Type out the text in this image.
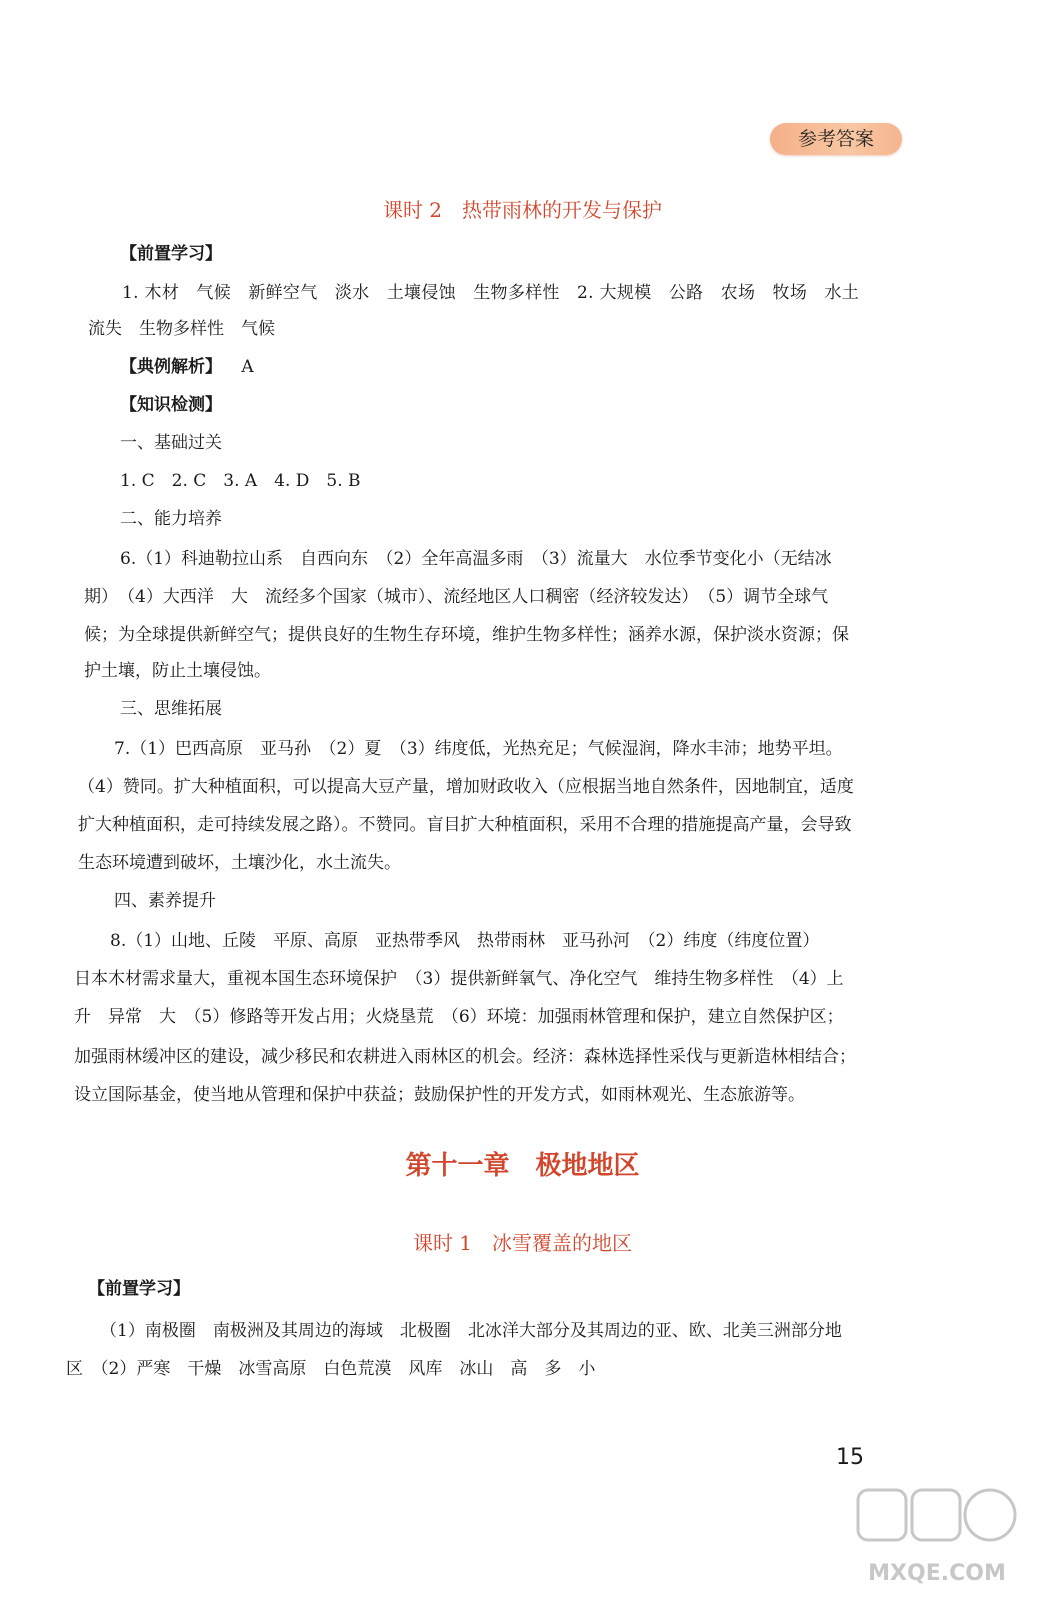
参考答案
课时 2　热带雨林的开发与保护
【前置学习】
1. 木材　气候　新鲜空气　淡水　土壤侵蚀　生物多样性　2. 大规模　公路　农场　牧场　水土
流失　生物多样性　气候
【典例解析】 A
【知识检测】
一、基础过关
1. C　2. C　3. A　4. D　5. B
二、能力培养
6.（1）科迪勒拉山系　自西向东　（2）全年高温多雨　（3）流量大　水位季节变化小（无结冰
期）　（4）大西洋　大　流经多个国家（城市）、流经地区人口稠密（经济较发达）　（5）调节全球气
候；为全球提供新鲜空气；提供良好的生物生存环境，维护生物多样性；涵养水源，保护淡水资源；保
护土壤，防止土壤侵蚀。
三、思维拓展
7.（1）巴西高原　亚马孙　（2）夏　（3）纬度低，光热充足；气候湿润，降水丰沛；地势平坦。
（4）赞同。扩大种植面积，可以提高大豆产量，增加财政收入（应根据当地自然条件，因地制宜，适度
扩大种植面积，走可持续发展之路）。不赞同。盲目扩大种植面积，采用不合理的措施提高产量，会导致
生态环境遭到破坏，土壤沙化，水土流失。
四、素养提升
8.（1）山地、丘陵　平原、高原　亚热带季风　热带雨林　亚马孙河　（2）纬度（纬度位置）
日本木材需求量大，重视本国生态环境保护　（3）提供新鲜氧气、净化空气　维持生物多样性　（4）上
升　异常　大　（5）修路等开发占用；火烧垦荒　（6）环境：加强雨林管理和保护，建立自然保护区；
加强雨林缓冲区的建设，减少移民和农耕进入雨林区的机会。经济：森林选择性采伐与更新造林相结合；
设立国际基金，使当地从管理和保护中获益；鼓励保护性的开发方式，如雨林观光、生态旅游等。
第十一章　极地地区
课时 1　冰雪覆盖的地区
【前置学习】
（1）南极圈　南极洲及其周边的海域　北极圈　北冰洋大部分及其周边的亚、欧、北美三洲部分地
区　（2）严寒　干燥　冰雪高原　白色荒漠　风库　冰山　高　多　小
15
MXQE.COM
